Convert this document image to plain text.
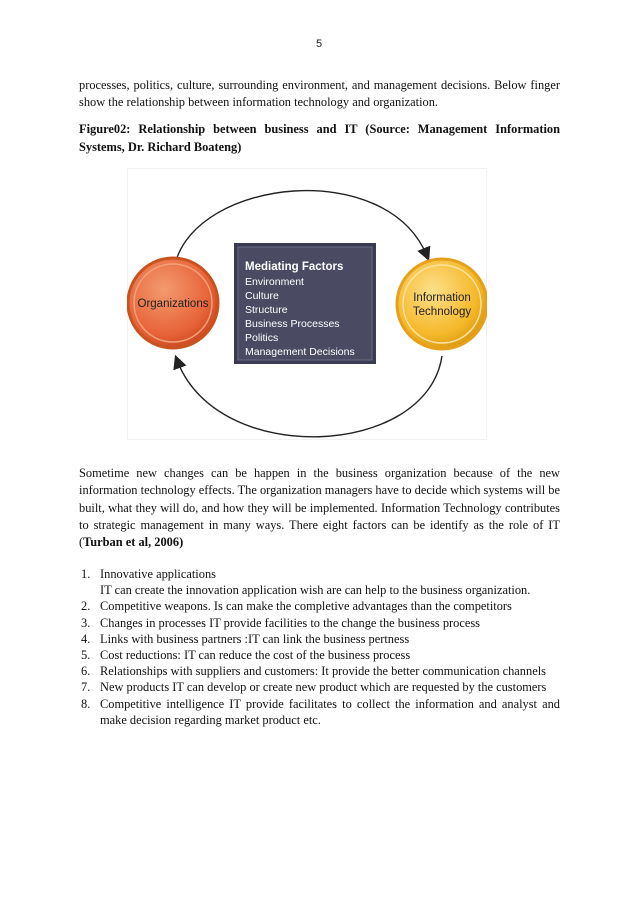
5

processes, politics, culture, surrounding environment, and management decisions. Below finger show the relationship between information technology and organization.

Figure02: Relationship between business and IT (Source: Management Information Systems, Dr. Richard Boateng)

Organizations	Information
Technology
Mediating Factors
Environment
Culture
Structure
Business Processes
Politics
Management Decisions

Sometime new changes can be happen in the business organization because of the new information technology effects. The organization managers have to decide which systems will be built, what they will do, and how they will be implemented. Information Technology contributes to strategic management in many ways. There eight factors can be identify as the role of IT (Turban et al, 2006)

1. Innovative applications
IT can create the innovation application wish are can help to the business organization.
2. Competitive weapons. Is can make the completive advantages than the competitors
3. Changes in processes IT provide facilities to the change the business process
4. Links with business partners :IT can link the business pertness
5. Cost reductions: IT can reduce the cost of the business process
6. Relationships with suppliers and customers: It provide the better communication channels
7. New products IT can develop or create new product which are requested by the customers
8. Competitive intelligence IT provide facilitates to collect the information and analyst and make decision regarding market product etc.
